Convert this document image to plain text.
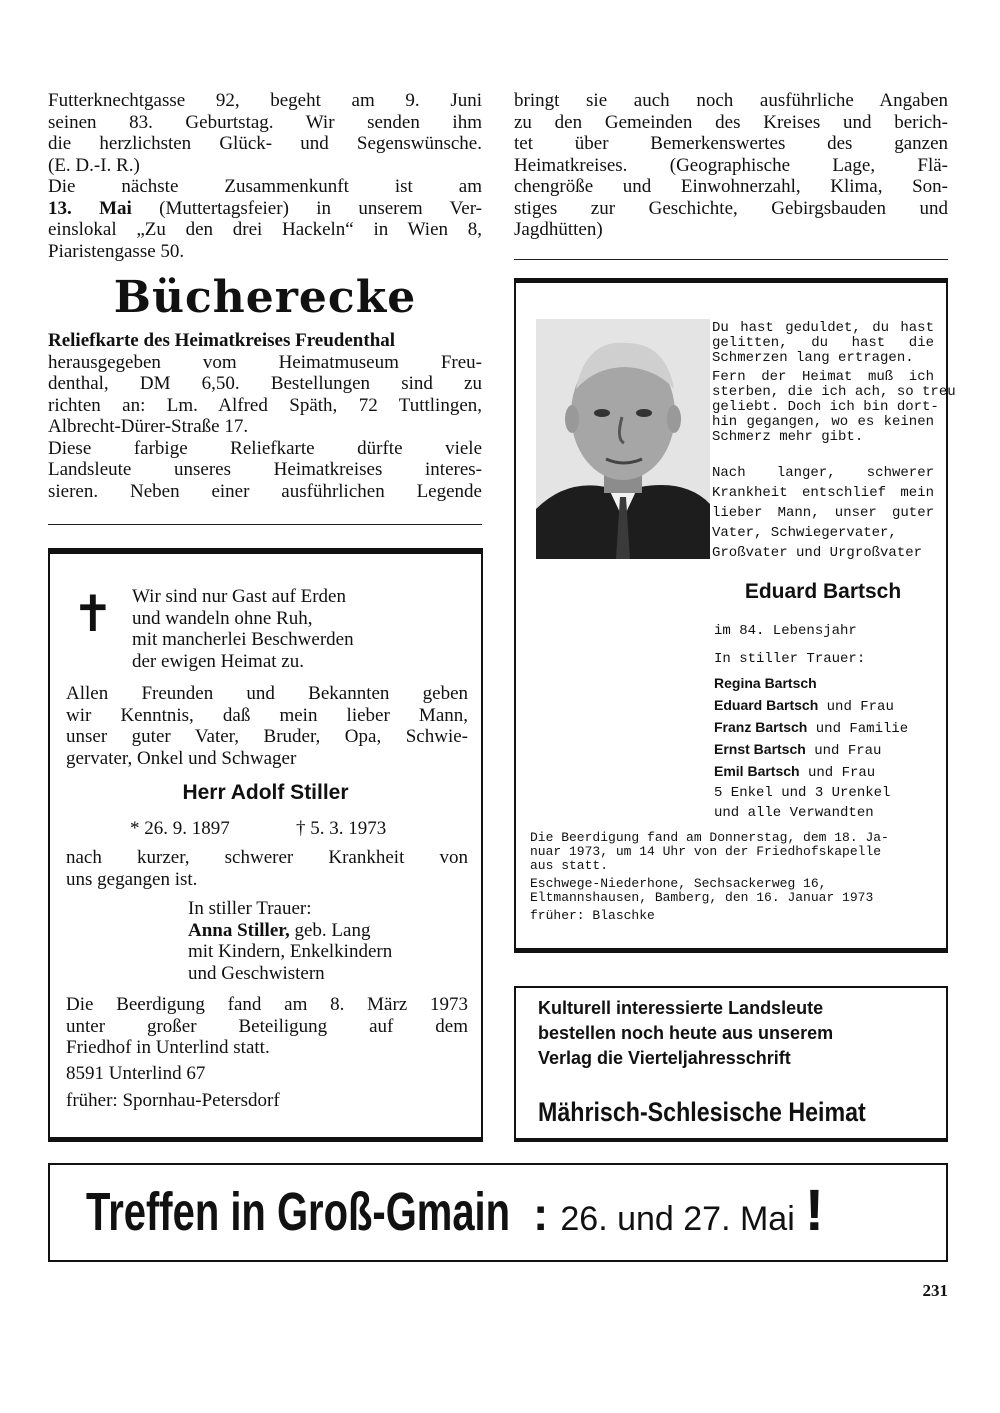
Futterknechtgasse 92, begeht am 9. Juni

seinen 83. Geburtstag. Wir senden ihm

die herzlichsten Glück- und Segenswünsche.

(E. D.-I. R.)

Die nächste Zusammenkunft ist am

13. Mai (Muttertagsfeier) in unserem Ver-

einslokal „Zu den drei Hackeln“ in Wien 8,

Piaristengasse 50.

Bücherecke

Reliefkarte des Heimatkreises Freudenthal

herausgegeben vom Heimatmuseum Freu-

denthal, DM 6,50. Bestellungen sind zu

richten an: Lm. Alfred Späth, 72 Tuttlingen,

Albrecht-Dürer-Straße 17.

Diese farbige Reliefkarte dürfte viele

Landsleute unseres Heimatkreises interes-

sieren. Neben einer ausführlichen Legende

bringt sie auch noch ausführliche Angaben

zu den Gemeinden des Kreises und berich-

tet über Bemerkenswertes des ganzen

Heimatkreises. (Geographische Lage, Flä-

chengröße und Einwohnerzahl, Klima, Son-

stiges zur Geschichte, Gebirgsbauden und

Jagdhütten)

✝ Wir sind nur Gast auf Erden

und wandeln ohne Ruh,

mit mancherlei Beschwerden

der ewigen Heimat zu.

Allen Freunden und Bekannten geben

wir Kenntnis, daß mein lieber Mann,

unser guter Vater, Bruder, Opa, Schwie-

gervater, Onkel und Schwager

Herr Adolf Stiller
* 26. 9. 1897	† 5. 3. 1973

nach kurzer, schwerer Krankheit von

uns gegangen ist.

In stiller Trauer:

Anna Stiller, geb. Lang

mit Kindern, Enkelkindern

und Geschwistern

Die Beerdigung fand am 8. März 1973

unter großer Beteiligung auf dem

Friedhof in Unterlind statt.

8591 Unterlind 67

früher: Spornhau-Petersdorf

Du hast geduldet, du hast
gelitten, du hast die
Schmerzen lang ertragen.
Fern der Heimat muß ich
sterben, die ich ach, so treu
geliebt. Doch ich bin dort-
hin gegangen, wo es keinen
Schmerz mehr gibt.
Nach langer, schwerer
Krankheit entschlief mein
lieber Mann, unser guter
Vater, Schwiegervater,
Großvater und Urgroßvater
Eduard Bartsch
im 84. Lebensjahr
In stiller Trauer:
Regina Bartsch
Eduard Bartsch und Frau
Franz Bartsch und Familie
Ernst Bartsch und Frau
Emil Bartsch und Frau
5 Enkel und 3 Urenkel
und alle Verwandten
Die Beerdigung fand am Donnerstag, dem 18. Ja-
nuar 1973, um 14 Uhr von der Friedhofskapelle
aus statt.
Eschwege-Niederhone, Sechsackerweg 16,
Eltmannshausen, Bamberg, den 16. Januar 1973
früher: Blaschke
Kulturell interessierte Landsleute
bestellen noch heute aus unserem
Verlag die Vierteljahresschrift
Mährisch-Schlesische Heimat
Treffen in Groß-Gmain : 26. und 27. Mai !
231
